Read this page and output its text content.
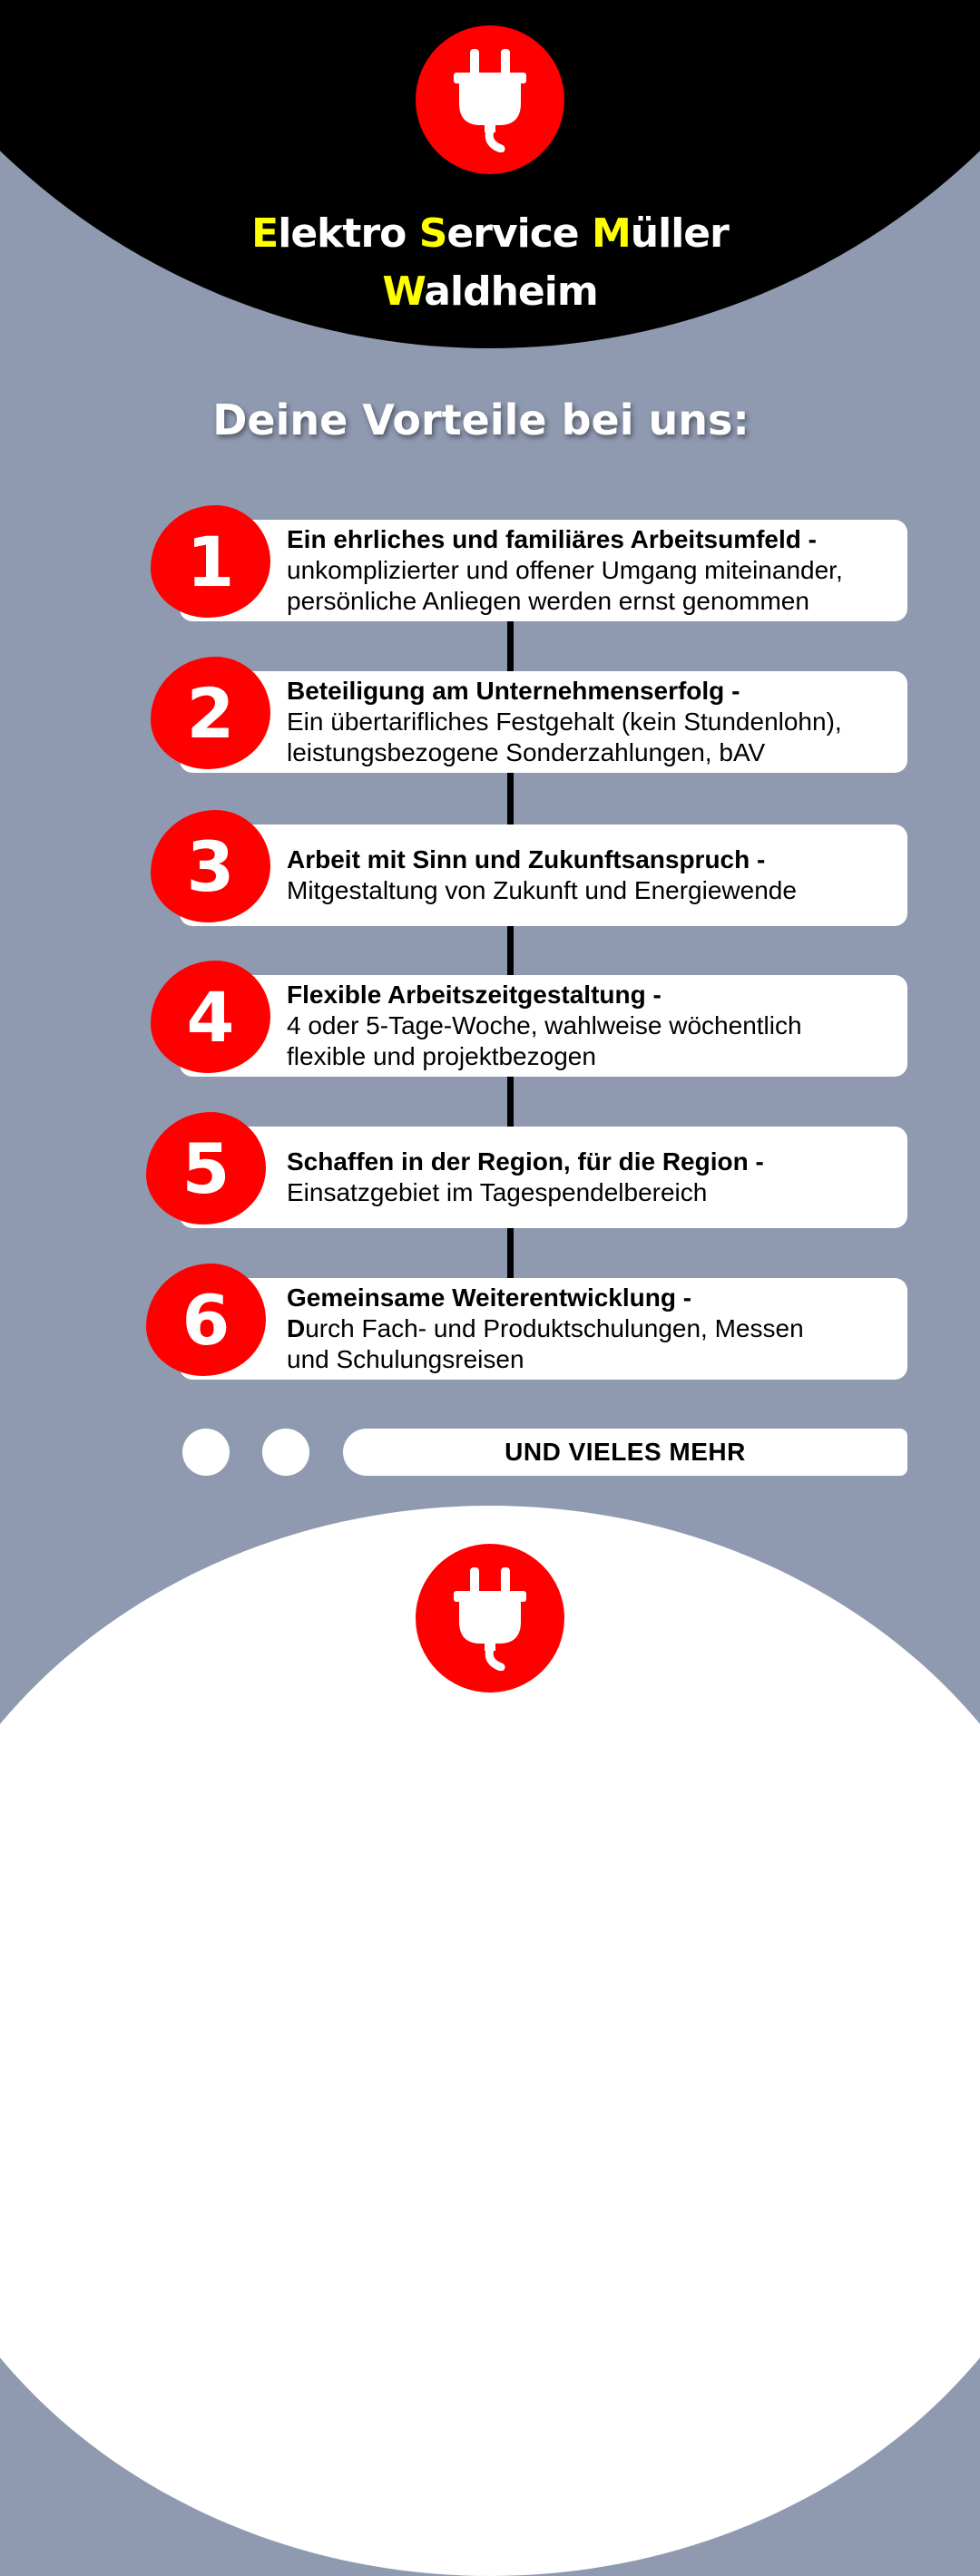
Elektro Service Müller
Waldheim
Deine Vorteile bei uns:
Ein ehrliches und familiäres Arbeitsumfeld -
unkomplizierter und offener Umgang miteinander,
persönliche Anliegen werden ernst genommen
1
Beteiligung am Unternehmenserfolg -
Ein übertarifliches Festgehalt (kein Stundenlohn),
leistungsbezogene Sonderzahlungen, bAV
2
Arbeit mit Sinn und Zukunftsanspruch -
Mitgestaltung von Zukunft und Energiewende
3
Flexible Arbeitszeitgestaltung -
4 oder 5-Tage-Woche, wahlweise wöchentlich
flexible und projektbezogen
4
Schaffen in der Region, für die Region -
Einsatzgebiet im Tagespendelbereich
5
Gemeinsame Weiterentwicklung -
Durch Fach- und Produktschulungen, Messen
und Schulungsreisen
6
UND VIELES MEHR
